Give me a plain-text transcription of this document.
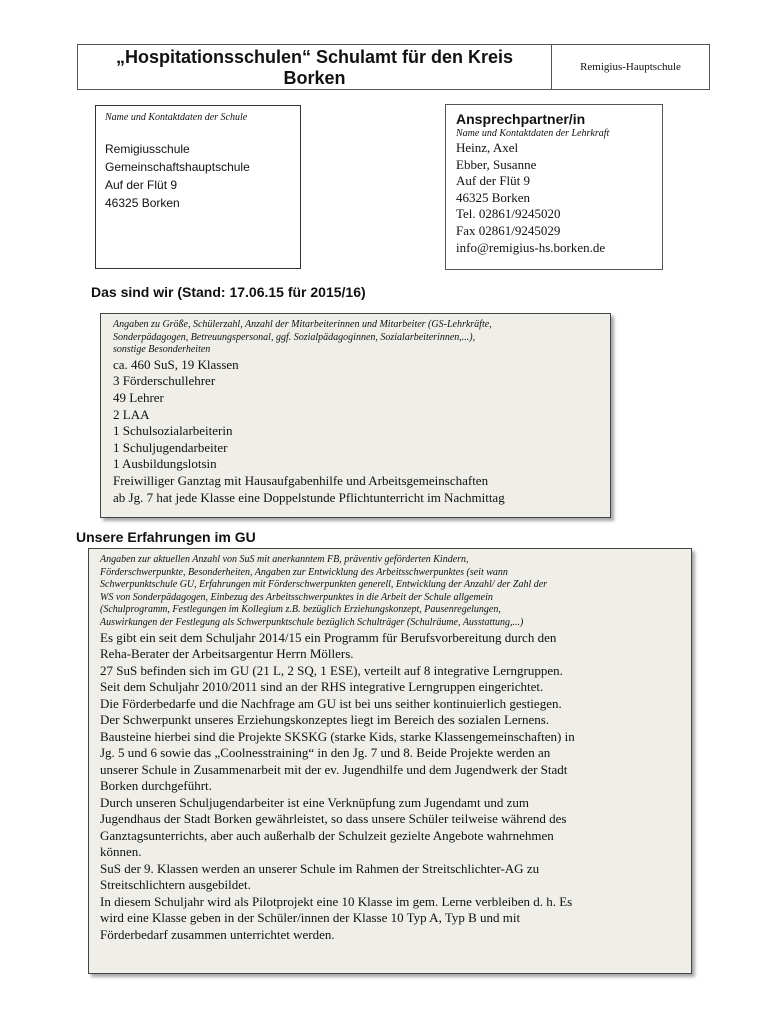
„Hospitationsschulen“ Schulamt für den Kreis
Borken
Remigius-Hauptschule
Name und Kontaktdaten der Schule
Remigiusschule
Gemeinschaftshauptschule
Auf der Flüt 9
46325 Borken
Ansprechpartner/in
Name und Kontaktdaten der Lehrkraft
Heinz, Axel
Ebber, Susanne
Auf der Flüt 9
46325 Borken
Tel. 02861/9245020
Fax 02861/9245029
info@remigius-hs.borken.de
Das sind wir (Stand: 17.06.15 für 2015/16)
Angaben zu Größe, Schülerzahl, Anzahl der Mitarbeiterinnen und Mitarbeiter (GS-Lehrkräfte,
Sonderpädagogen, Betreuungspersonal, ggf. Sozialpädagoginnen, Sozialarbeiterinnen,...),
sonstige Besonderheiten
ca. 460 SuS, 19 Klassen
3 Förderschullehrer
49 Lehrer
2 LAA
1 Schulsozialarbeiterin
1 Schuljugendarbeiter
1 Ausbildungslotsin
Freiwilliger Ganztag mit Hausaufgabenhilfe und Arbeitsgemeinschaften
ab Jg. 7 hat jede Klasse eine Doppelstunde Pflichtunterricht im Nachmittag
Unsere Erfahrungen im GU
Angaben zur aktuellen Anzahl von SuS mit anerkanntem FB, präventiv geförderten Kindern,
Förderschwerpunkte, Besonderheiten, Angaben zur Entwicklung des Arbeitsschwerpunktes (seit wann
Schwerpunktschule GU, Erfahrungen mit Förderschwerpunkten generell, Entwicklung der Anzahl/ der Zahl der
WS von Sonderpädagogen, Einbezug des Arbeitsschwerpunktes in die Arbeit der Schule allgemein
(Schulprogramm, Festlegungen im Kollegium z.B. bezüglich Erziehungskonzept, Pausenregelungen,
Auswirkungen der Festlegung als Schwerpunktschule bezüglich Schulträger (Schulräume, Ausstattung,...)
Es gibt ein seit dem Schuljahr 2014/15 ein Programm für Berufsvorbereitung durch den
Reha-Berater der Arbeitsargentur Herrn Möllers.
27 SuS befinden sich im GU (21 L, 2 SQ, 1 ESE), verteilt auf 8 integrative Lerngruppen.
Seit dem Schuljahr 2010/2011 sind an der RHS integrative Lerngruppen eingerichtet.
Die Förderbedarfe und die Nachfrage am GU ist bei uns seither kontinuierlich gestiegen.
Der Schwerpunkt unseres Erziehungskonzeptes liegt im Bereich des sozialen Lernens.
Bausteine hierbei sind die Projekte SKSKG (starke Kids, starke Klassengemeinschaften) in
Jg. 5 und 6 sowie das „Coolnesstraining“ in den Jg. 7 und 8. Beide Projekte werden an
unserer Schule in Zusammenarbeit mit der ev. Jugendhilfe und dem Jugendwerk der Stadt
Borken durchgeführt.
Durch unseren Schuljugendarbeiter ist eine Verknüpfung zum Jugendamt und zum
Jugendhaus der Stadt Borken gewährleistet, so dass unsere Schüler teilweise während des
Ganztagsunterrichts, aber auch außerhalb der Schulzeit gezielte Angebote wahrnehmen
können.
SuS der 9. Klassen werden an unserer Schule im Rahmen der Streitschlichter-AG zu
Streitschlichtern ausgebildet.
In diesem Schuljahr wird als Pilotprojekt eine 10 Klasse im gem. Lerne verbleiben d. h. Es
wird eine Klasse geben in der Schüler/innen der Klasse 10 Typ A, Typ B und mit
Förderbedarf zusammen unterrichtet werden.
